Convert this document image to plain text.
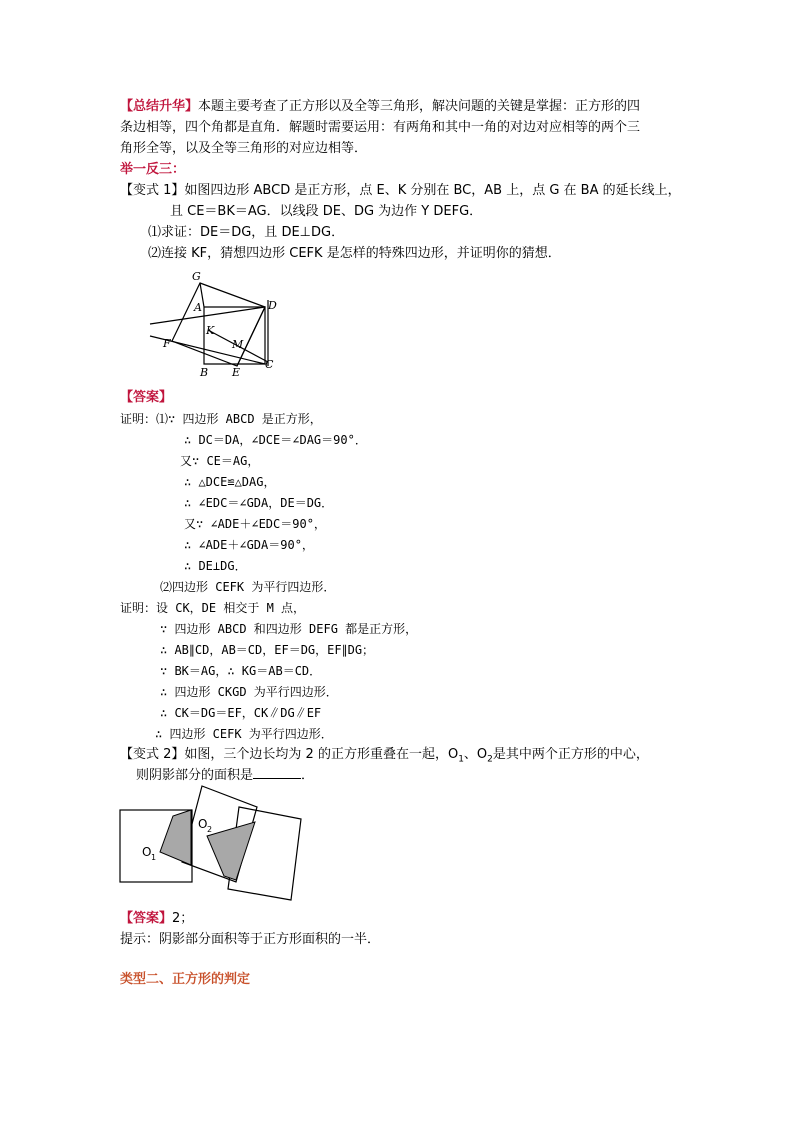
【总结升华】本题主要考查了正方形以及全等三角形，解决问题的关键是掌握：正方形的四
条边相等，四个角都是直角．解题时需要运用：有两角和其中一角的对边对应相等的两个三
角形全等，以及全等三角形的对应边相等．
举一反三：
【变式 1】如图四边形 ABCD 是正方形，点 E、K 分别在 BC，AB 上，点 G 在 BA 的延长线上，
且 CE＝BK＝AG．以线段 DE、DG 为边作 Y DEFG．
⑴求证：DE＝DG，且 DE⊥DG．
⑵连接 KF，猜想四边形 CEFK 是怎样的特殊四边形，并证明你的猜想．
G
A	D
K
F	M
B E
C
【答案】
证明：⑴∵ 四边形 ABCD 是正方形，
∴ DC＝DA，∠DCE＝∠DAG＝90°．
又∵ CE＝AG，
∴ △DCE≌△DAG，
∴ ∠EDC＝∠GDA，DE＝DG．
又∵ ∠ADE＋∠EDC＝90°，
∴ ∠ADE＋∠GDA＝90°，
∴ DE⊥DG．
⑵四边形 CEFK 为平行四边形．
证明：设 CK，DE 相交于 M 点，
∵ 四边形 ABCD 和四边形 DEFG 都是正方形，
∴ AB∥CD，AB＝CD，EF＝DG，EF∥DG；
∵ BK＝AG，∴ KG＝AB＝CD．
∴ 四边形 CKGD 为平行四边形．
∴ CK＝DG＝EF，CK∥DG∥EF
∴ 四边形 CEFK 为平行四边形．
【变式 2】如图，三个边长均为 2 的正方形重叠在一起，$O_1$、$O_2$是其中两个正方形的中心，
则阴影部分的面积是	．
O 1
O 2
【答案】2；
提示：阴影部分面积等于正方形面积的一半．
类型二、正方形的判定
